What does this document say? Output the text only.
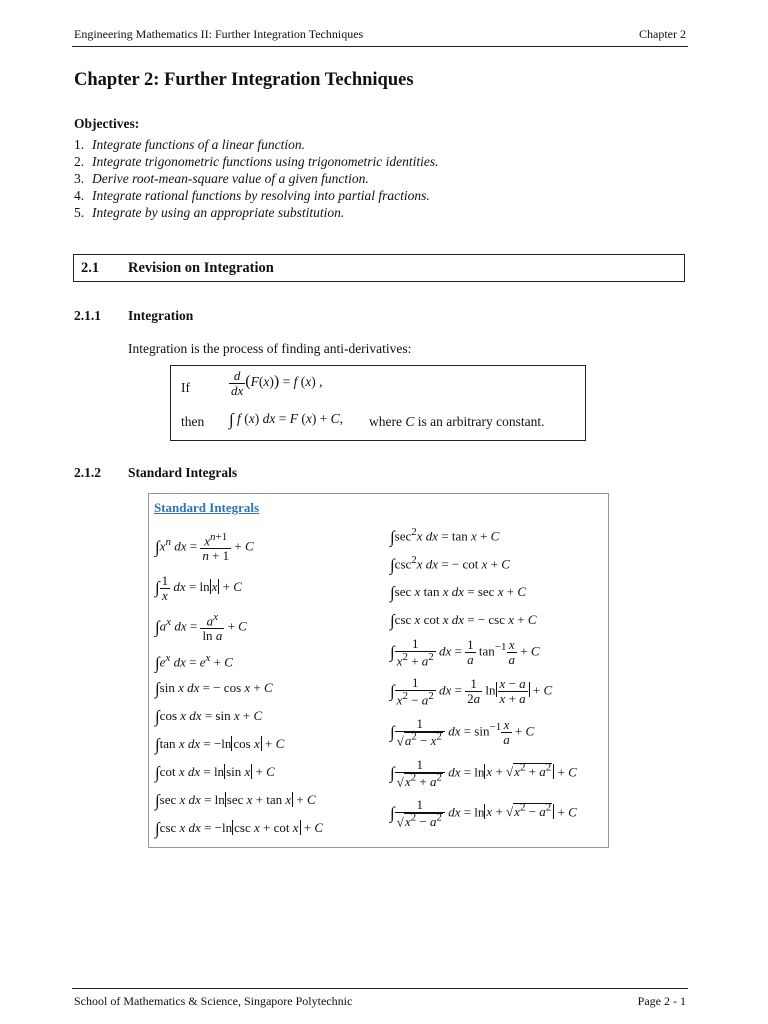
Engineering Mathematics II: Further Integration Techniques	Chapter 2
Chapter 2: Further Integration Techniques
Objectives:
1. Integrate functions of a linear function.
2. Integrate trigonometric functions using trigonometric identities.
3. Derive root-mean-square value of a given function.
4. Integrate rational functions by resolving into partial fractions.
5. Integrate by using an appropriate substitution.
2.1 Revision on Integration
2.1.1 Integration
Integration is the process of finding anti-derivatives:
If	$\frac{d}{dx} (F(x)) = f$ (x) ,
then ∫ f (x) dx = F (x) + C, where C is an arbitrary constant.
2.1.2 Standard Integrals
Standard Integrals
$\int x^n$ dx = $\frac{x^{n+1}}{n + 1} + C$
∫ $\frac{1}{x}$ dx = ln x + C
$\int a^x$ dx = $\frac{a^x}{\text{ln a}} + C$
$\int e^x$ dx = $e^x + C$
∫sin x dx = − cos x + C
∫cos x dx = sin x + C
∫tan x dx = −ln cos x + C
∫cot x dx = ln sin x + C
∫sec x dx = ln sec x + tan x + C
∫csc x dx = −ln csc x + cot x + C
$\int\sec^2x$ dx = tan x + C
$\int\csc^2x$ dx = − cot x + C
∫sec x tan x dx = sec x + C
∫csc x cot x dx = − csc x + C
∫ $\frac{1}{x^2 + a^2}$ dx = $\frac{1}{a} \tan^{-1} \frac{x}{a} + C$
∫ $\frac{1}{x^2 - a^2}$ dx = $\frac{1}{2a}$ $\ln \frac{x - a}{x + a} + C$
∫ $\frac{1}{√a^2 - x^2}$ dx = $\sin^{-1} \frac{x}{a} + C$
∫ $\frac{1}{√x^2 + a^2}$ dx = $\ln x + √x^2 + a^2 + C$
∫ $\frac{1}{√x^2 - a^2}$ dx = $\ln x + √x^2 - a^2 + C$
School of Mathematics & Science, Singapore Polytechnic	Page 2 - 1
